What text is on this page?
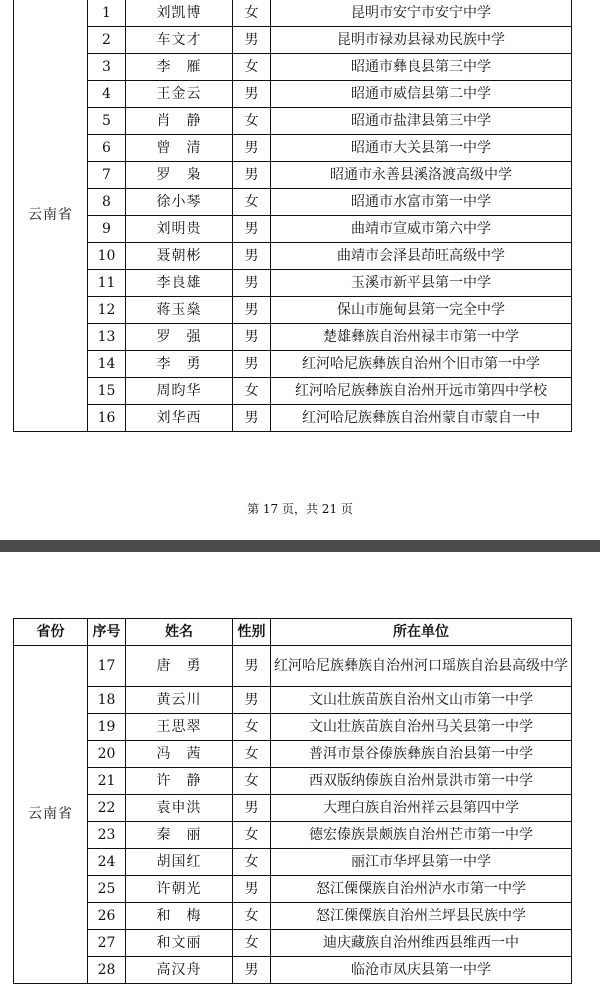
云南省	1	刘凯博	女	昆明市安宁市安宁中学
	2	车文才	男	昆明市禄劝县禄劝民族中学
	3	李　雁	女	昭通市彝良县第三中学
	4	王金云	男	昭通市威信县第二中学
	5	肖　静	女	昭通市盐津县第三中学
	6	曾　清	男	昭通市大关县第一中学
	7	罗　枭	男	昭通市永善县溪洛渡高级中学
	8	徐小琴	女	昭通市水富市第一中学
	9	刘明贵	男	曲靖市宣威市第六中学
	10	聂朝彬	男	曲靖市会泽县茚旺高级中学
	11	李良雄	男	玉溪市新平县第一中学
	12	蒋玉燊	男	保山市施甸县第一完全中学
	13	罗　强	男	楚雄彝族自治州禄丰市第一中学
	14	李　勇	男	红河哈尼族彝族自治州个旧市第一中学
	15	周昀华	女	红河哈尼族彝族自治州开远市第四中学校
	16	刘华西	男	红河哈尼族彝族自治州蒙自市蒙自一中
第 17 页，共 21 页
省份	序号	姓名	性别	所在单位
云南省	17	唐　勇	男	红河哈尼族彝族自治州河口瑶族自治县高级中学
	18	黄云川	男	文山壮族苗族自治州文山市第一中学
	19	王思翠	女	文山壮族苗族自治州马关县第一中学
	20	冯　茜	女	普洱市景谷傣族彝族自治县第一中学
	21	许　静	女	西双版纳傣族自治州景洪市第一中学
	22	袁申洪	男	大理白族自治州祥云县第四中学
	23	秦　丽	女	德宏傣族景颇族自治州芒市第一中学
	24	胡国红	女	丽江市华坪县第一中学
	25	许朝光	男	怒江傈僳族自治州泸水市第一中学
	26	和　梅	女	怒江傈僳族自治州兰坪县民族中学
	27	和文丽	女	迪庆藏族自治州维西县维西一中
	28	高汉舟	男	临沧市凤庆县第一中学
